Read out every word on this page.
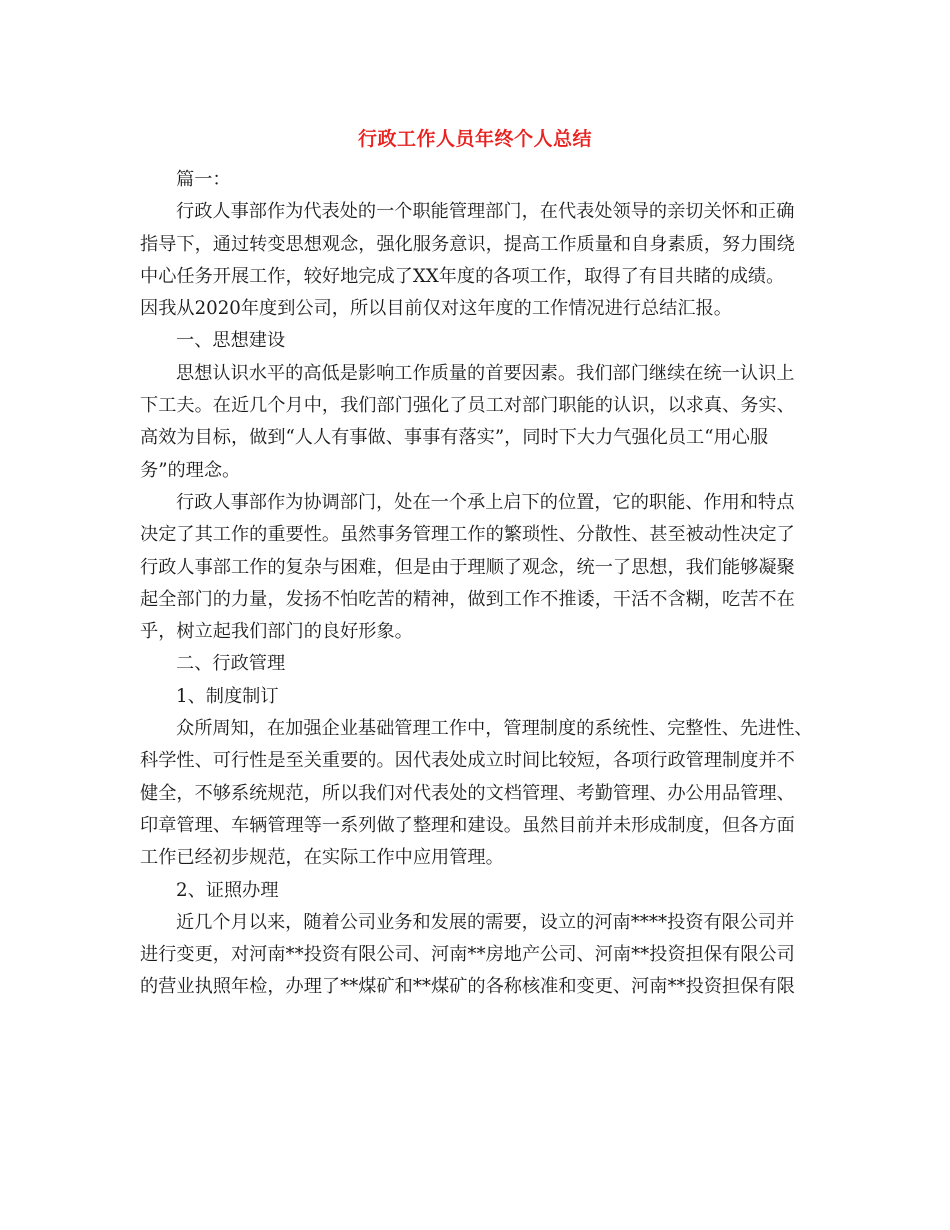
行政工作人员年终个人总结
篇一：
行政人事部作为代表处的一个职能管理部门，在代表处领导的亲切关怀和正确
指导下，通过转变思想观念，强化服务意识，提高工作质量和自身素质，努力围绕
中心任务开展工作，较好地完成了XX年度的各项工作，取得了有目共睹的成绩。
因我从2020年度到公司，所以目前仅对这年度的工作情况进行总结汇报。
一、思想建设
思想认识水平的高低是影响工作质量的首要因素。我们部门继续在统一认识上
下工夫。在近几个月中，我们部门强化了员工对部门职能的认识，以求真、务实、
高效为目标，做到“人人有事做、事事有落实”，同时下大力气强化员工“用心服
务”的理念。
行政人事部作为协调部门，处在一个承上启下的位置，它的职能、作用和特点
决定了其工作的重要性。虽然事务管理工作的繁琐性、分散性、甚至被动性决定了
行政人事部工作的复杂与困难，但是由于理顺了观念，统一了思想，我们能够凝聚
起全部门的力量，发扬不怕吃苦的精神，做到工作不推诿，干活不含糊，吃苦不在
乎，树立起我们部门的良好形象。
二、行政管理
1、制度制订
众所周知，在加强企业基础管理工作中，管理制度的系统性、完整性、先进性、
科学性、可行性是至关重要的。因代表处成立时间比较短，各项行政管理制度并不
健全，不够系统规范，所以我们对代表处的文档管理、考勤管理、办公用品管理、
印章管理、车辆管理等一系列做了整理和建设。虽然目前并未形成制度，但各方面
工作已经初步规范，在实际工作中应用管理。
2、证照办理
近几个月以来，随着公司业务和发展的需要，设立的河南****投资有限公司并
进行变更，对河南**投资有限公司、河南**房地产公司、河南**投资担保有限公司
的营业执照年检，办理了**煤矿和**煤矿的各称核准和变更、河南**投资担保有限
